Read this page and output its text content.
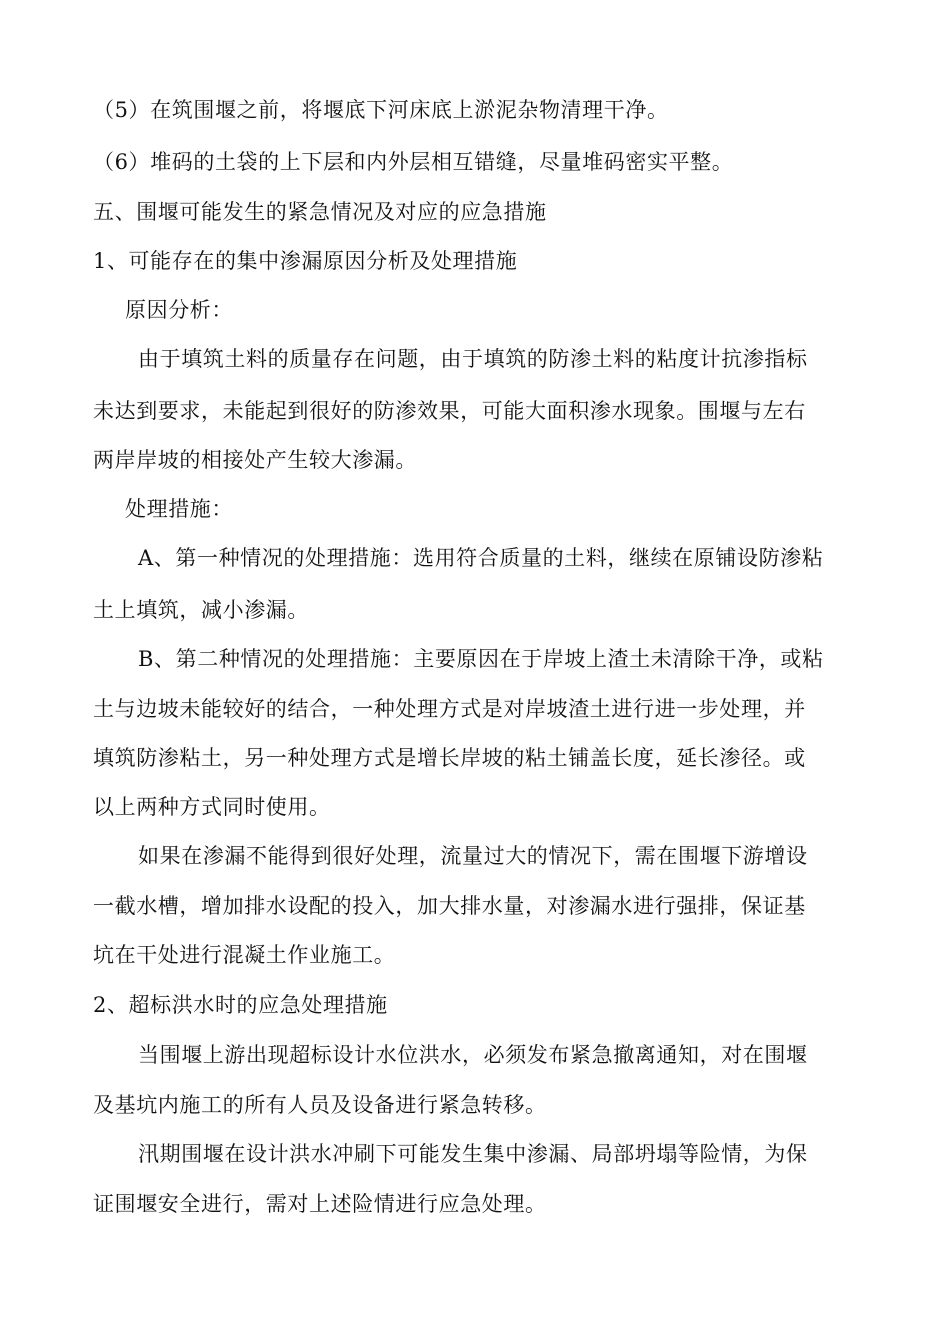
（5）在筑围堰之前，将堰底下河床底上淤泥杂物清理干净。
（6）堆码的土袋的上下层和内外层相互错缝，尽量堆码密实平整。
五、围堰可能发生的紧急情况及对应的应急措施
1、可能存在的集中渗漏原因分析及处理措施
原因分析：
由于填筑土料的质量存在问题，由于填筑的防渗土料的粘度计抗渗指标
未达到要求，未能起到很好的防渗效果，可能大面积渗水现象。围堰与左右
两岸岸坡的相接处产生较大渗漏。
处理措施：
A、第一种情况的处理措施：选用符合质量的土料，继续在原铺设防渗粘
土上填筑，减小渗漏。
B、第二种情况的处理措施：主要原因在于岸坡上渣土未清除干净，或粘
土与边坡未能较好的结合，一种处理方式是对岸坡渣土进行进一步处理，并
填筑防渗粘土，另一种处理方式是增长岸坡的粘土铺盖长度，延长渗径。或
以上两种方式同时使用。
如果在渗漏不能得到很好处理，流量过大的情况下，需在围堰下游增设
一截水槽，增加排水设配的投入，加大排水量，对渗漏水进行强排，保证基
坑在干处进行混凝土作业施工。
2、超标洪水时的应急处理措施
当围堰上游出现超标设计水位洪水，必须发布紧急撤离通知，对在围堰
及基坑内施工的所有人员及设备进行紧急转移。
汛期围堰在设计洪水冲刷下可能发生集中渗漏、局部坍塌等险情，为保
证围堰安全进行，需对上述险情进行应急处理。
